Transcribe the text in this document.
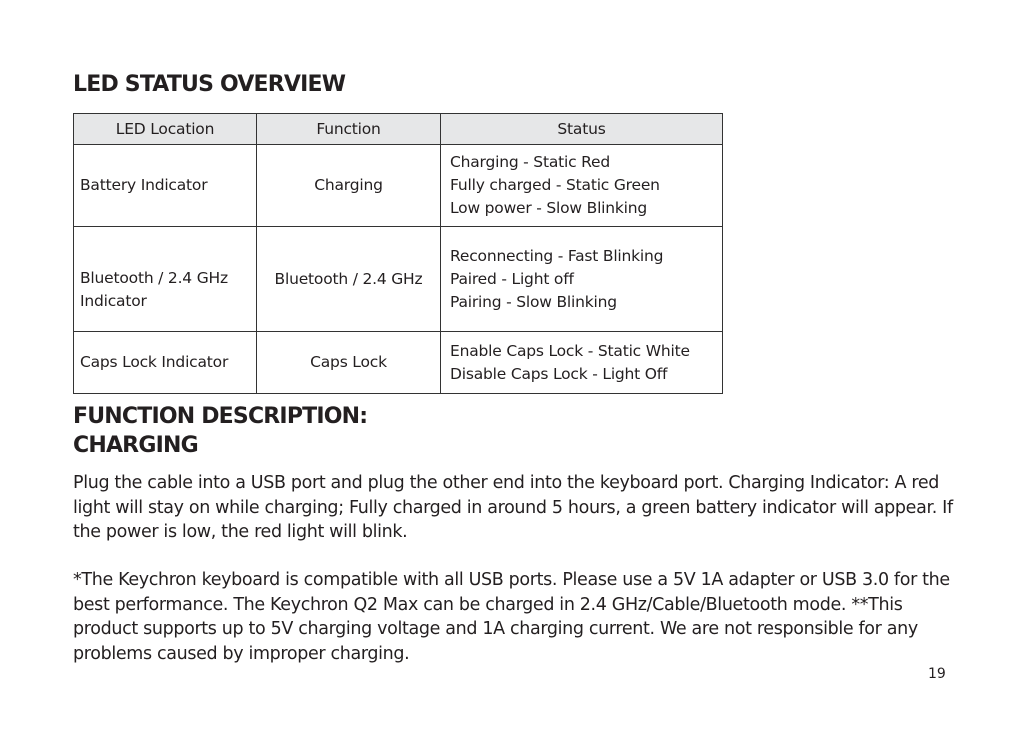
LED STATUS OVERVIEW
LED Location	Function	Status
Battery Indicator	Charging	Charging - Static Red
Fully charged - Static Green
Low power - Slow Blinking

Bluetooth / 2.4 GHz Indicator	Bluetooth / 2.4 GHz	Reconnecting - Fast Blinking
Paired - Light off
Pairing - Slow Blinking

Caps Lock Indicator	Caps Lock	Enable Caps Lock - Static White
Disable Caps Lock - Light Off
FUNCTION DESCRIPTION:
CHARGING

Plug the cable into a USB port and plug the other end into the keyboard port. Charging Indicator: A red light will stay on while charging; Fully charged in around 5 hours, a green battery indicator will appear. If the power is low, the red light will blink.

*The Keychron keyboard is compatible with all USB ports. Please use a 5V 1A adapter or USB 3.0 for the best performance. The Keychron Q2 Max can be charged in 2.4 GHz/Cable/Bluetooth mode. **This product supports up to 5V charging voltage and 1A charging current. We are not responsible for any problems caused by improper charging.

19
